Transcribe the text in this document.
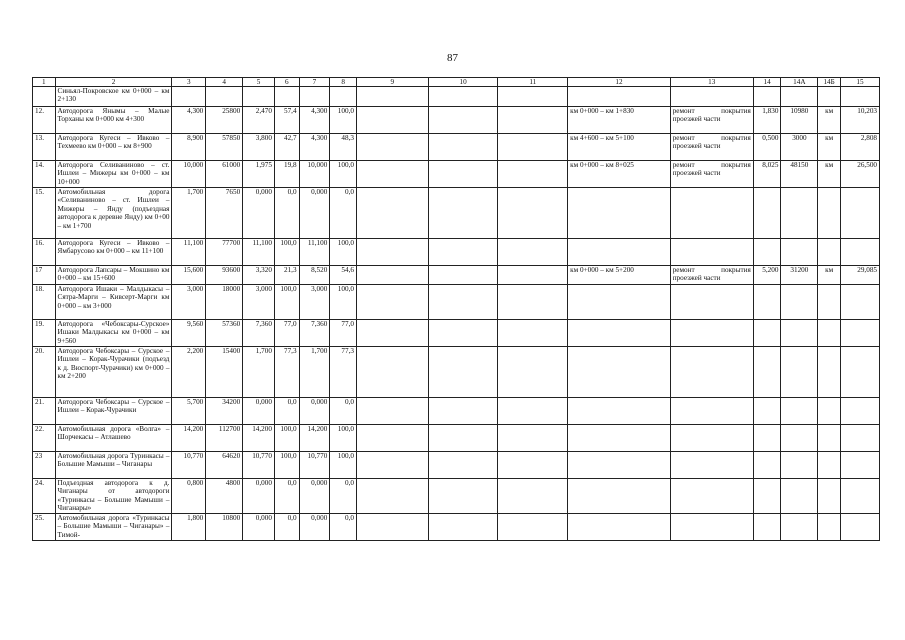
87
1	2	3	4	5	6	7	8	9	10	11	12	13	14	14А	14Б	15
	Синьял-Покровское км 0+000 – км 2+130															
12.	Автодорога Янымы – Малые Торханы км 0+000 км 4+300	4,300	25800	2,470	57,4	4,300	100,0				км 0+000 – км 1+830	ремонт покрытия проезжей части	1,830	10980	км	10,203
13.	Автодорога Кугеси – Ивково – Техмеево км 0+000 – км 8+900	8,900	57850	3,800	42,7	4,300	48,3				км 4+600 – км 5+100	ремонт покрытия проезжей части	0,500	3000	км	2,808
14.	Автодорога Селиваниново – ст. Ишлеи – Мижеры км 0+000 – км 10+000	10,000	61000	1,975	19,8	10,000	100,0				км 0+000 – км 8+025	ремонт покрытия проезжей части	8,025	48150	км	26,500
15.	Автомобильная дорога «Селиваниново – ст. Ишлеи – Мижеры – Янду (подъездная автодорога к деревне Янду) км 0+00 – км 1+700	1,700	7650	0,000	0,0	0,000	0,0									
16.	Автодорога Кугеси – Ивково – Ямбарусово км 0+000 – км 11+100	11,100	77700	11,100	100,0	11,100	100,0									
17	Автодорога Лапсары – Мокшино км 0+000 – км 15+600	15,600	93600	3,320	21,3	8,520	54,6				км 0+000 – км 5+200	ремонт покрытия проезжей части	5,200	31200	км	29,085
18.	Автодорога Ишаки – Малдыкасы – Сятра-Марги – Кивсерт-Марги км 0+000 – км 3+000	3,000	18000	3,000	100,0	3,000	100,0									
19.	Автодорога «Чебоксары-Сурское» Ишаки Малдыкасы км 0+000 – км 9+560	9,560	57360	7,360	77,0	7,360	77,0									
20.	Автодорога Чебоксары – Сурское – Ишлеи – Корак-Чурачики (подъезд к д. Вюспорт-Чурачики) км 0+000 – км 2+200	2,200	15400	1,700	77,3	1,700	77,3									
21.	Автодорога Чебоксары – Сурское – Ишлеи – Корак-Чурачики	5,700	34200	0,000	0,0	0,000	0,0									
22.	Автомобильная дорога «Волга» – Шорчекасы – Атлашево	14,200	112700	14,200	100,0	14,200	100,0									
23	Автомобильная дорога Туринкасы – Большие Мамыши – Чиганары	10,770	64620	10,770	100,0	10,770	100,0									
24.	Подъездная автодорога к д. Чиганары от автодороги «Туринкасы – Большие Мамыши – Чиганары»	0,800	4800	0,000	0,0	0,000	0,0									
25.	Автомобильная дорога «Туринкасы – Большие Мамыши – Чиганары» – Тимой-	1,800	10800	0,000	0,0	0,000	0,0									
